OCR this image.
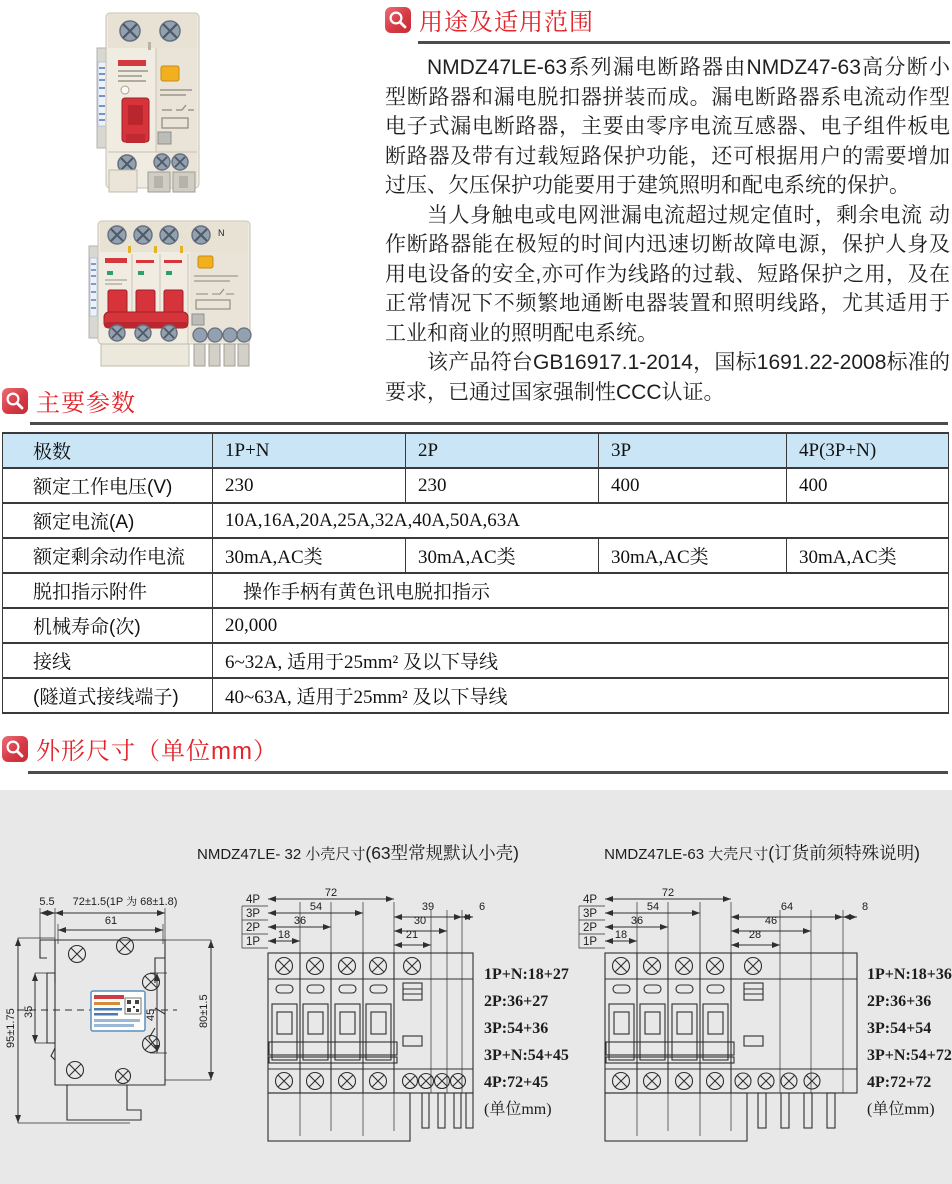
N
用途及适用范围

NMDZ47LE-63系列漏电断路器由NMDZ47-63高分断小型断路器和漏电脱扣器拼装而成。漏电断路器系电流动作型电子式漏电断路器，主要由零序电流互感器、电子组件板电断路器及带有过载短路保护功能，还可根据用户的需要增加过压、欠压保护功能要用于建筑照明和配电系统的保护。

当人身触电或电网泄漏电流超过规定值时，剩余电流 动作断路器能在极短的时间内迅速切断故障电源，保护人身及用电设备的安全,亦可作为线路的过载、短路保护之用，及在正常情况下不频繁地通断电器装置和照明线路，尤其适用于工业和商业的照明配电系统。

该产品符台GB16917.1-2014，国标1691.22-2008标准的要求，已通过国家强制性CCC认证。

主要参数
极数	1P+N	2P	3P	4P(3P+N)
额定工作电压(V)	230	230	400	400
额定电流(A)	10A,16A,20A,25A,32A,40A,50A,63A			
额定剩余动作电流	30mA,AC类	30mA,AC类	30mA,AC类	30mA,AC类
脱扣指示附件	操作手柄有黄色讯电脱扣指示			
机械寿命(次)	20,000			
接线	6~32A, 适用于25mm² 及以下导线			
(隧道式接线端子)	40~63A, 适用于25mm² 及以下导线			
外形尺寸（单位mm）
NMDZ47LE- 32 小壳尺寸(63型常规默认小壳)	NMDZ47LE-63 大壳尺寸(订货前须特殊说明)
5.5 72±1.5(1P 为 68±1.8)
61
95±1.75 35	45	80±1.5
4P
3P
2P
1P
72
54
36
18
39
30
21
6
1P+N:18+27
2P:36+27
3P:54+36
3P+N:54+45
4P:72+45
(单位mm)
4P
3P
2P
1P
72
54
36
18
64
46
28
8
1P+N:18+36
2P:36+36
3P:54+54
3P+N:54+72
4P:72+72
(单位mm)
